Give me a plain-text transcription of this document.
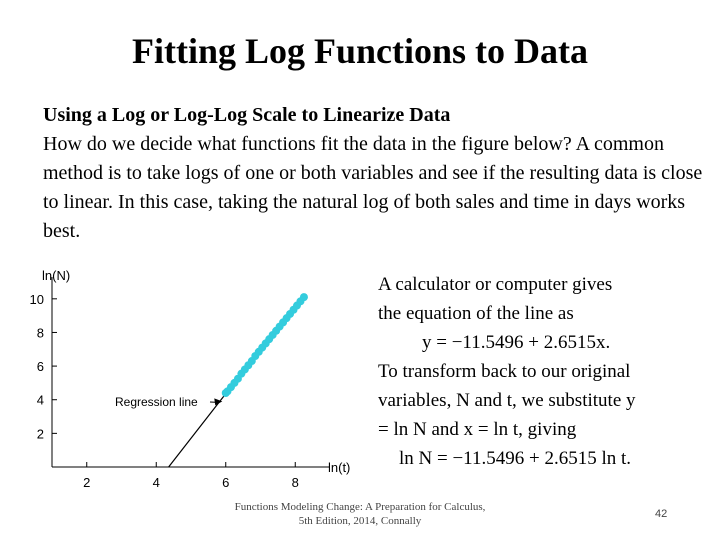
Fitting Log Functions to Data
Using a Log or Log-Log Scale to Linearize Data
How do we decide what functions fit the data in the figure below? A common method is to take logs of one or both variables and see if the resulting data is close to linear. In this case, taking the natural log of both sales and time in days works best.
2	4	6	8
2
4
6
8
10
ln(N)
ln(t)
Regression line
A calculator or computer gives
the equation of the line as
y = −11.5496 + 2.6515x.
To transform back to our original
variables, N and t, we substitute y
= ln N and x = ln t, giving
ln N = −11.5496 + 2.6515 ln t.
Functions Modeling Change: A Preparation for Calculus, 5th Edition, 2014, Connally
42
